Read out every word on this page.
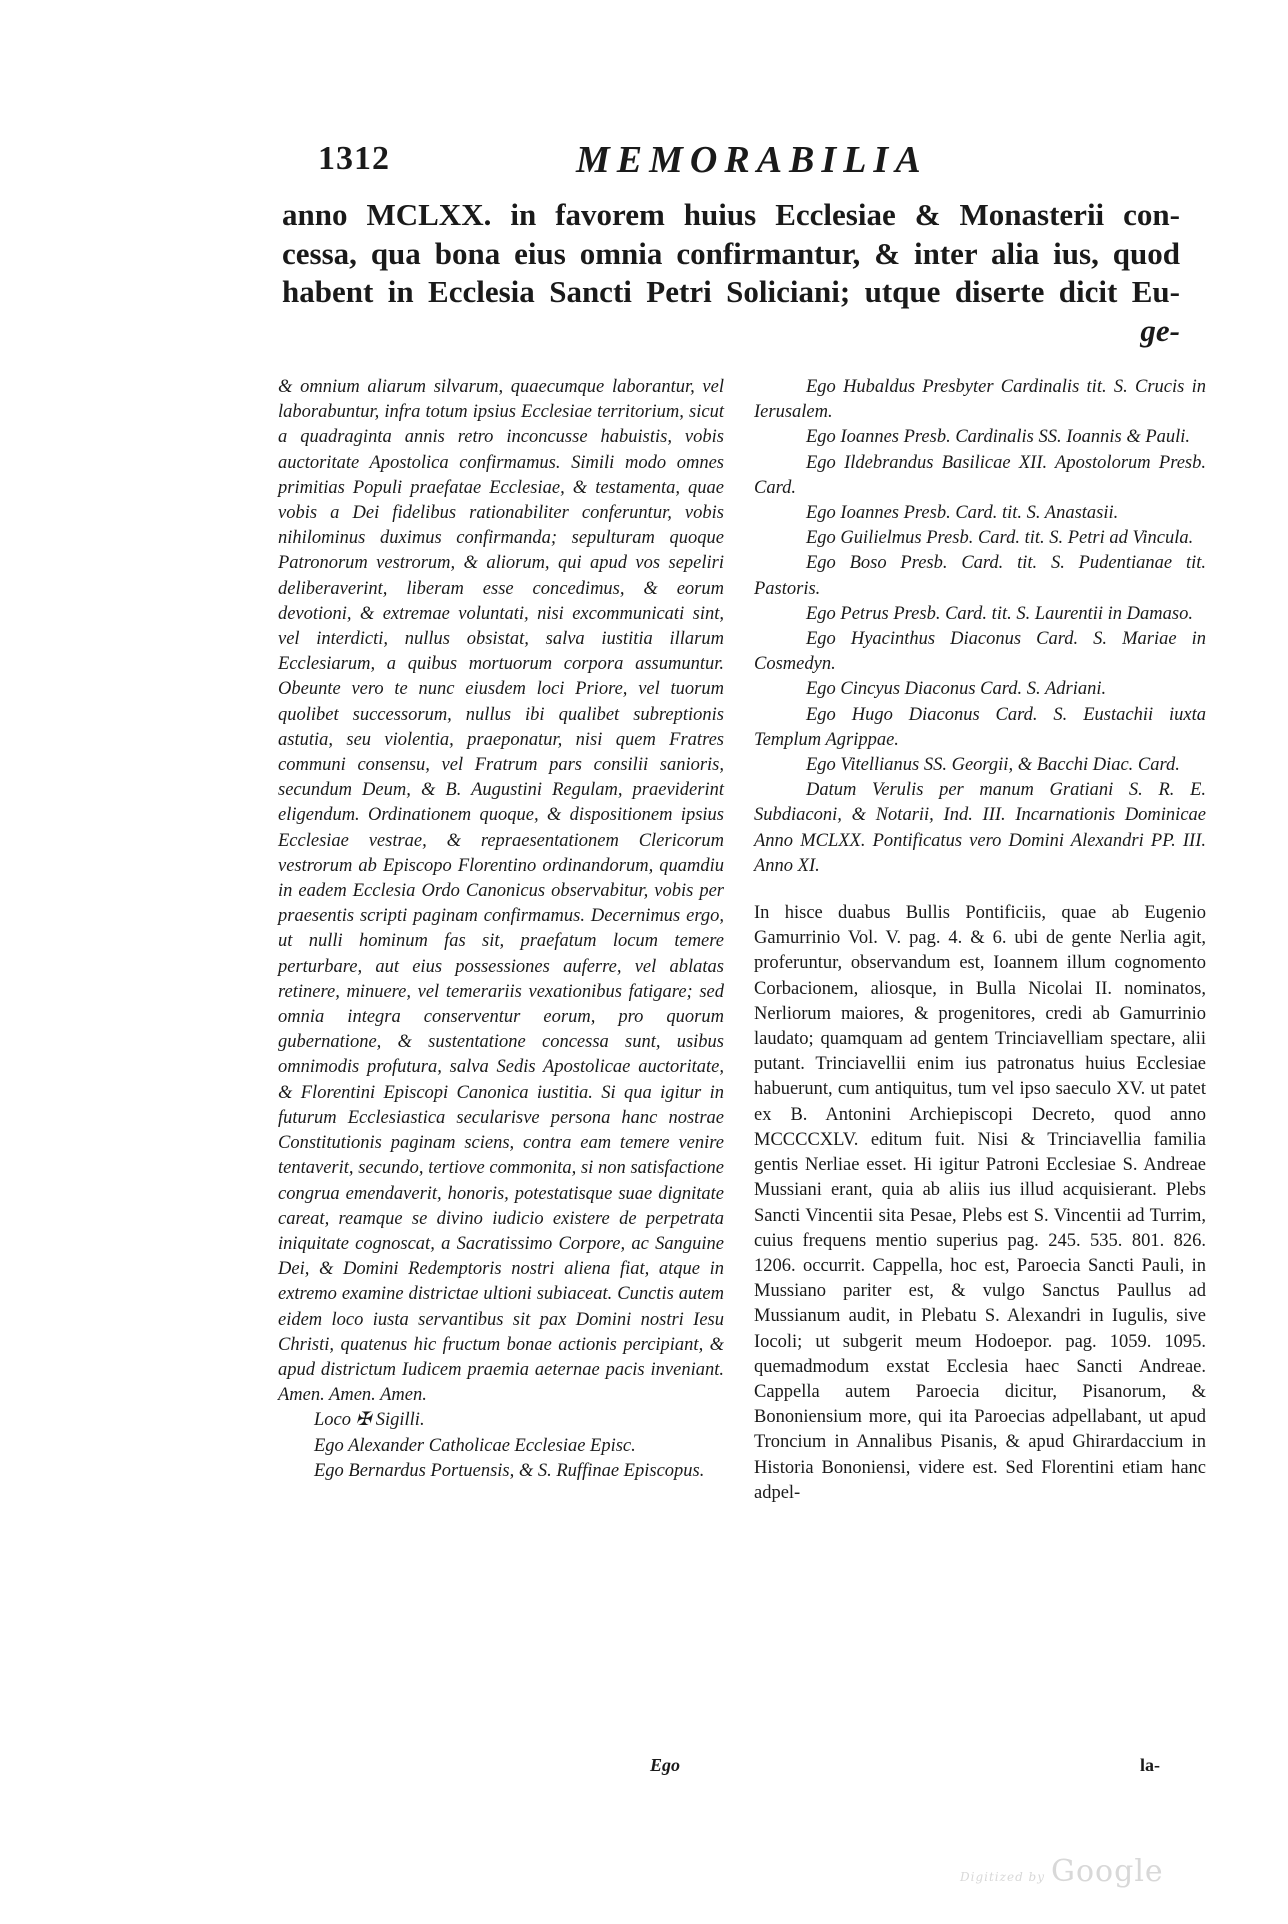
1312	MEMORABILIA
anno MCLXX. in favorem huius Ecclesiae & Monasterii con-
cessa, qua bona eius omnia confirmantur, & inter alia ius, quod
habent in Ecclesia Sancti Petri Soliciani; utque diserte dicit Eu-
ge-

& omnium aliarum silvarum, quaecumque laborantur, vel laborabuntur, infra totum ipsius Ecclesiae territorium, sicut a quadraginta annis retro inconcusse habuistis, vobis auctoritate Apostolica confirmamus. Simili modo omnes primitias Populi praefatae Ecclesiae, & testamenta, quae vobis a Dei fidelibus rationabiliter conferuntur, vobis nihilominus duximus confirmanda; sepulturam quoque Patronorum vestrorum, & aliorum, qui apud vos sepeliri deliberaverint, liberam esse concedimus, & eorum devotioni, & extremae voluntati, nisi excommunicati sint, vel interdicti, nullus obsistat, salva iustitia illarum Ecclesiarum, a quibus mortuorum corpora assumuntur. Obeunte vero te nunc eiusdem loci Priore, vel tuorum quolibet successorum, nullus ibi qualibet subreptionis astutia, seu violentia, praeponatur, nisi quem Fratres communi consensu, vel Fratrum pars consilii sanioris, secundum Deum, & B. Augustini Regulam, praeviderint eligendum. Ordinationem quoque, & dispositionem ipsius Ecclesiae vestrae, & repraesentationem Clericorum vestrorum ab Episcopo Florentino ordinandorum, quamdiu in eadem Ecclesia Ordo Canonicus observabitur, vobis per praesentis scripti paginam confirmamus. Decernimus ergo, ut nulli hominum fas sit, praefatum locum temere perturbare, aut eius possessiones auferre, vel ablatas retinere, minuere, vel temerariis vexationibus fatigare; sed omnia integra conserventur eorum, pro quorum gubernatione, & sustentatione concessa sunt, usibus omnimodis profutura, salva Sedis Apostolicae auctoritate, & Florentini Episcopi Canonica iustitia. Si qua igitur in futurum Ecclesiastica secularisve persona hanc nostrae Constitutionis paginam sciens, contra eam temere venire tentaverit, secundo, tertiove commonita, si non satisfactione congrua emendaverit, honoris, potestatisque suae dignitate careat, reamque se divino iudicio existere de perpetrata iniquitate cognoscat, a Sacratissimo Corpore, ac Sanguine Dei, & Domini Redemptoris nostri aliena fiat, atque in extremo examine districtae ultioni subiaceat. Cunctis autem eidem loco iusta servantibus sit pax Domini nostri Iesu Christi, quatenus hic fructum bonae actionis percipiant, & apud districtum Iudicem praemia aeternae pacis inveniant. Amen. Amen. Amen.

Loco ✠ Sigilli.

Ego Alexander Catholicae Ecclesiae Episc.

Ego Bernardus Portuensis, & S. Ruffinae Episcopus.

Ego
Ego Hubaldus Presbyter Cardinalis tit. S. Crucis in Ierusalem.
Ego Ioannes Presb. Cardinalis SS. Ioannis & Pauli.
Ego Ildebrandus Basilicae XII. Apostolorum Presb. Card.
Ego Ioannes Presb. Card. tit. S. Anastasii.
Ego Guilielmus Presb. Card. tit. S. Petri ad Vincula.
Ego Boso Presb. Card. tit. S. Pudentianae tit. Pastoris.
Ego Petrus Presb. Card. tit. S. Laurentii in Damaso.
Ego Hyacinthus Diaconus Card. S. Mariae in Cosmedyn.
Ego Cincyus Diaconus Card. S. Adriani.
Ego Hugo Diaconus Card. S. Eustachii iuxta Templum Agrippae.
Ego Vitellianus SS. Georgii, & Bacchi Diac. Card.

Datum Verulis per manum Gratiani S. R. E. Subdiaconi, & Notarii, Ind. III. Incarnationis Dominicae Anno MCLXX. Pontificatus vero Domini Alexandri PP. III. Anno XI.

In hisce duabus Bullis Pontificiis, quae ab Eugenio Gamurrinio Vol. V. pag. 4. & 6. ubi de gente Nerlia agit, proferuntur, observandum est, Ioannem illum cognomento Corbacionem, aliosque, in Bulla Nicolai II. nominatos, Nerliorum maiores, & progenitores, credi ab Gamurrinio laudato; quamquam ad gentem Trinciavelliam spectare, alii putant. Trinciavellii enim ius patronatus huius Ecclesiae habuerunt, cum antiquitus, tum vel ipso saeculo XV. ut patet ex B. Antonini Archiepiscopi Decreto, quod anno MCCCCXLV. editum fuit. Nisi & Trinciavellia familia gentis Nerliae esset. Hi igitur Patroni Ecclesiae S. Andreae Mussiani erant, quia ab aliis ius illud acquisierant. Plebs Sancti Vincentii sita Pesae, Plebs est S. Vincentii ad Turrim, cuius frequens mentio superius pag. 245. 535. 801. 826. 1206. occurrit. Cappella, hoc est, Paroecia Sancti Pauli, in Mussiano pariter est, & vulgo Sanctus Paullus ad Mussianum audit, in Plebatu S. Alexandri in Iugulis, sive Iocoli; ut subgerit meum Hodoepor. pag. 1059. 1095. quemadmodum exstat Ecclesia haec Sancti Andreae. Cappella autem Paroecia dicitur, Pisanorum, & Bononiensium more, qui ita Paroecias adpellabant, ut apud Troncium in Annalibus Pisanis, & apud Ghirardaccium in Historia Bononiensi, videre est. Sed Florentini etiam hanc adpel-

la-
Digitized by Google
